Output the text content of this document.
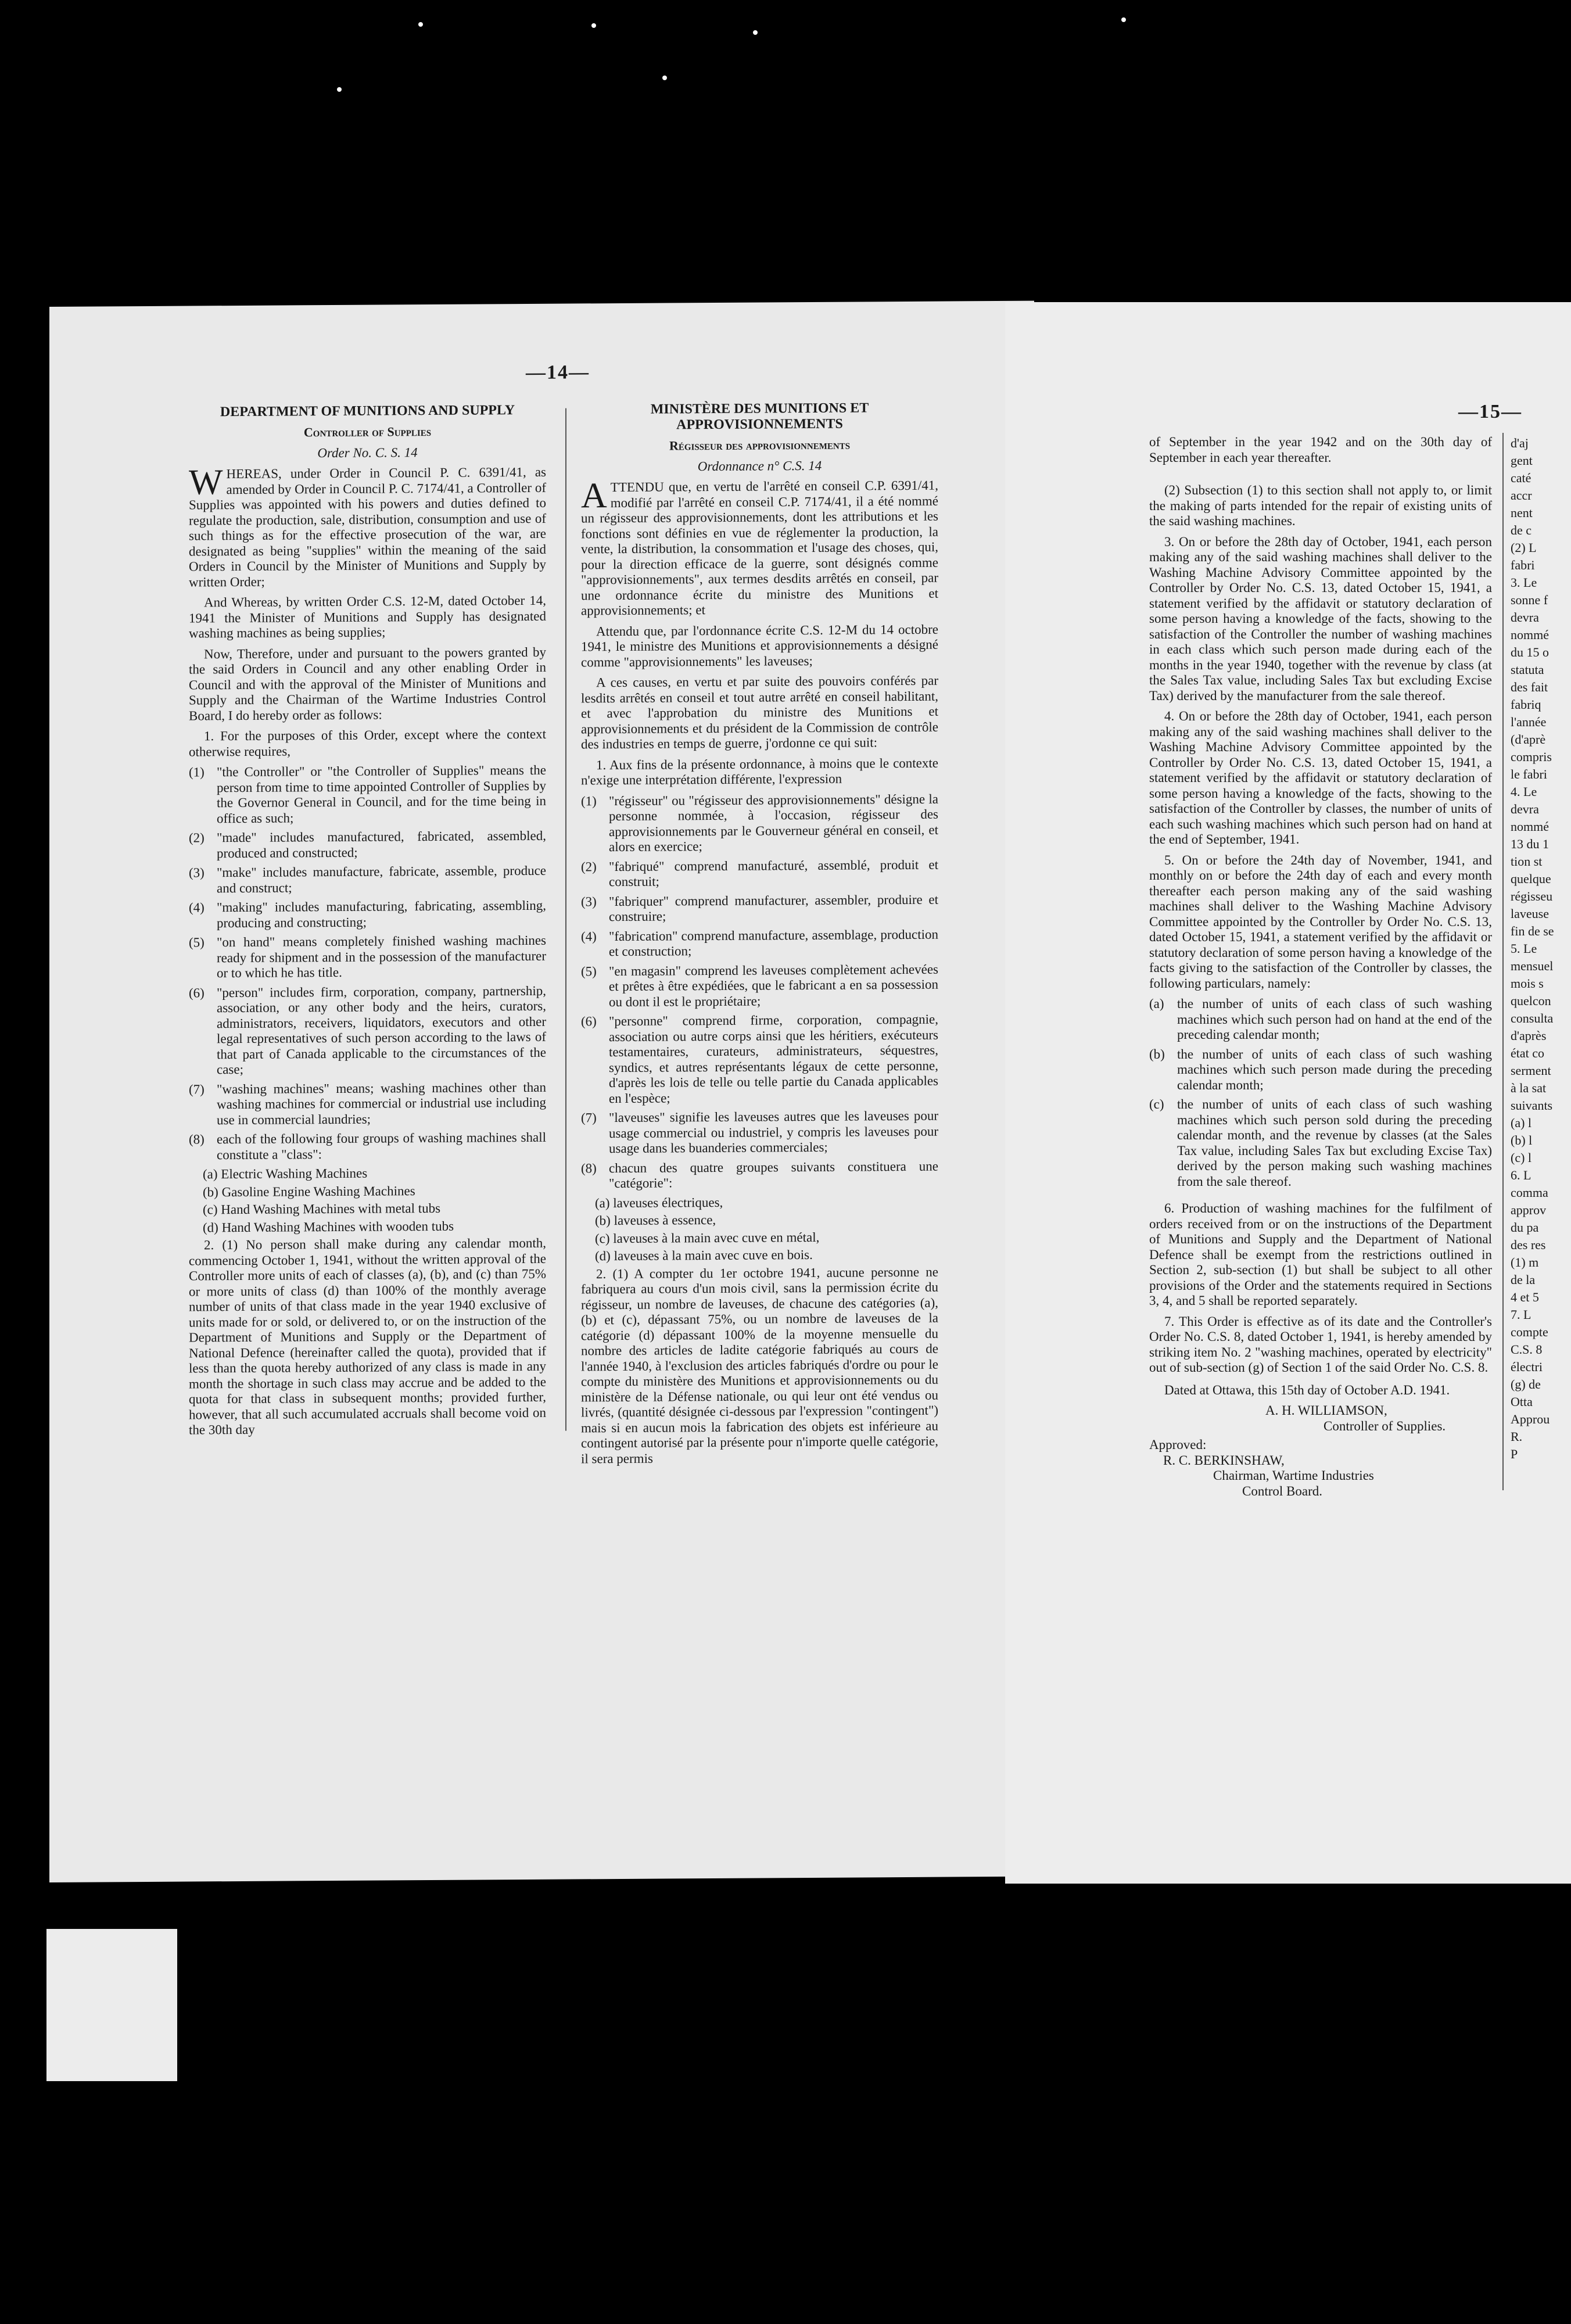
—14—

DEPARTMENT OF MUNITIONS AND SUPPLY

Controller of Supplies

Order No. C. S. 14

WHEREAS, under Order in Council P. C. 6391/41, as amended by Order in Council P. C. 7174/41, a Controller of Supplies was appointed with his powers and duties defined to regulate the production, sale, distribution, consumption and use of such things as for the effective prosecution of the war, are designated as being "supplies" within the meaning of the said Orders in Council by the Minister of Munitions and Supply by written Order;

And Whereas, by written Order C.S. 12-M, dated October 14, 1941 the Minister of Munitions and Supply has designated washing machines as being supplies;

Now, Therefore, under and pursuant to the powers granted by the said Orders in Council and any other enabling Order in Council and with the approval of the Minister of Munitions and Supply and the Chairman of the Wartime Industries Control Board, I do hereby order as follows:

1. For the purposes of this Order, except where the context otherwise requires,

(1) "the Controller" or "the Controller of Supplies" means the person from time to time appointed Controller of Supplies by the Governor General in Council, and for the time being in office as such;
(2) "made" includes manufactured, fabricated, assembled, produced and constructed;
(3) "make" includes manufacture, fabricate, assemble, produce and construct;
(4) "making" includes manufacturing, fabricating, assembling, producing and constructing;
(5) "on hand" means completely finished washing machines ready for shipment and in the possession of the manufacturer or to which he has title.
(6) "person" includes firm, corporation, company, partnership, association, or any other body and the heirs, curators, administrators, receivers, liquidators, executors and other legal representatives of such person according to the laws of that part of Canada applicable to the circumstances of the case;
(7) "washing machines" means; washing machines other than washing machines for commercial or industrial use including use in commercial laundries;
(8) each of the following four groups of washing machines shall constitute a "class":
(a) Electric Washing Machines
(b) Gasoline Engine Washing Machines
(c) Hand Washing Machines with metal tubs
(d) Hand Washing Machines with wooden tubs

2. (1) No person shall make during any calendar month, commencing October 1, 1941, without the written approval of the Controller more units of each of classes (a), (b), and (c) than 75% or more units of class (d) than 100% of the monthly average number of units of that class made in the year 1940 exclusive of units made for or sold, or delivered to, or on the instruction of the Department of Munitions and Supply or the Department of National Defence (hereinafter called the quota), provided that if less than the quota hereby authorized of any class is made in any month the shortage in such class may accrue and be added to the quota for that class in subsequent months; provided further, however, that all such accumulated accruals shall become void on the 30th day

MINISTÈRE DES MUNITIONS ET APPROVISIONNEMENTS

Régisseur des approvisionnements

Ordonnance n° C.S. 14

ATTENDU que, en vertu de l'arrêté en conseil C.P. 6391/41, modifié par l'arrêté en conseil C.P. 7174/41, il a été nommé un régisseur des approvisionnements, dont les attributions et les fonctions sont définies en vue de réglementer la production, la vente, la distribution, la consommation et l'usage des choses, qui, pour la direction efficace de la guerre, sont désignés comme "approvisionnements", aux termes desdits arrêtés en conseil, par une ordonnance écrite du ministre des Munitions et approvisionnements; et

Attendu que, par l'ordonnance écrite C.S. 12-M du 14 octobre 1941, le ministre des Munitions et approvisionnements a désigné comme "approvisionnements" les laveuses;

A ces causes, en vertu et par suite des pouvoirs conférés par lesdits arrêtés en conseil et tout autre arrêté en conseil habilitant, et avec l'approbation du ministre des Munitions et approvisionnements et du président de la Commission de contrôle des industries en temps de guerre, j'ordonne ce qui suit:

1. Aux fins de la présente ordonnance, à moins que le contexte n'exige une interprétation différente, l'expression

(1) "régisseur" ou "régisseur des approvisionnements" désigne la personne nommée, à l'occasion, régisseur des approvisionnements par le Gouverneur général en conseil, et alors en exercice;
(2) "fabriqué" comprend manufacturé, assemblé, produit et construit;
(3) "fabriquer" comprend manufacturer, assembler, produire et construire;
(4) "fabrication" comprend manufacture, assemblage, production et construction;
(5) "en magasin" comprend les laveuses complètement achevées et prêtes à être expédiées, que le fabricant a en sa possession ou dont il est le propriétaire;
(6) "personne" comprend firme, corporation, compagnie, association ou autre corps ainsi que les héritiers, exécuteurs testamentaires, curateurs, administrateurs, séquestres, syndics, et autres représentants légaux de cette personne, d'après les lois de telle ou telle partie du Canada applicables en l'espèce;
(7) "laveuses" signifie les laveuses autres que les laveuses pour usage commercial ou industriel, y compris les laveuses pour usage dans les buanderies commerciales;
(8) chacun des quatre groupes suivants constituera une "catégorie":
(a) laveuses électriques,
(b) laveuses à essence,
(c) laveuses à la main avec cuve en métal,
(d) laveuses à la main avec cuve en bois.

2. (1) A compter du 1er octobre 1941, aucune personne ne fabriquera au cours d'un mois civil, sans la permission écrite du régisseur, un nombre de laveuses, de chacune des catégories (a), (b) et (c), dépassant 75%, ou un nombre de laveuses de la catégorie (d) dépassant 100% de la moyenne mensuelle du nombre des articles de ladite catégorie fabriqués au cours de l'année 1940, à l'exclusion des articles fabriqués d'ordre ou pour le compte du ministère des Munitions et approvisionnements ou du ministère de la Défense nationale, ou qui leur ont été vendus ou livrés, (quantité désignée ci-dessous par l'expression "contingent") mais si en aucun mois la fabrication des objets est inférieure au contingent autorisé par la présente pour n'importe quelle catégorie, il sera permis

—15—

of September in the year 1942 and on the 30th day of September in each year thereafter.

(2) Subsection (1) to this section shall not apply to, or limit the making of parts intended for the repair of existing units of the said washing machines.

3. On or before the 28th day of October, 1941, each person making any of the said washing machines shall deliver to the Washing Machine Advisory Committee appointed by the Controller by Order No. C.S. 13, dated October 15, 1941, a statement verified by the affidavit or statutory declaration of some person having a knowledge of the facts, showing to the satisfaction of the Controller the number of washing machines in each class which such person made during each of the months in the year 1940, together with the revenue by class (at the Sales Tax value, including Sales Tax but excluding Excise Tax) derived by the manufacturer from the sale thereof.

4. On or before the 28th day of October, 1941, each person making any of the said washing machines shall deliver to the Washing Machine Advisory Committee appointed by the Controller by Order No. C.S. 13, dated October 15, 1941, a statement verified by the affidavit or statutory declaration of some person having a knowledge of the facts, showing to the satisfaction of the Controller by classes, the number of units of each such washing machines which such person had on hand at the end of September, 1941.

5. On or before the 24th day of November, 1941, and monthly on or before the 24th day of each and every month thereafter each person making any of the said washing machines shall deliver to the Washing Machine Advisory Committee appointed by the Controller by Order No. C.S. 13, dated October 15, 1941, a statement verified by the affidavit or statutory declaration of some person having a knowledge of the facts giving to the satisfaction of the Controller by classes, the following particulars, namely:

(a) the number of units of each class of such washing machines which such person had on hand at the end of the preceding calendar month;
(b) the number of units of each class of such washing machines which such person made during the preceding calendar month;
(c) the number of units of each class of such washing machines which such person sold during the preceding calendar month, and the revenue by classes (at the Sales Tax value, including Sales Tax but excluding Excise Tax) derived by the person making such washing machines from the sale thereof.

6. Production of washing machines for the fulfilment of orders received from or on the instructions of the Department of Munitions and Supply and the Department of National Defence shall be exempt from the restrictions outlined in Section 2, sub-section (1) but shall be subject to all other provisions of the Order and the statements required in Sections 3, 4, and 5 shall be reported separately.

7. This Order is effective as of its date and the Controller's Order No. C.S. 8, dated October 1, 1941, is hereby amended by striking item No. 2 "washing machines, operated by electricity" out of sub-section (g) of Section 1 of the said Order No. C.S. 8.

Dated at Ottawa, this 15th day of October A.D. 1941.

A. H. WILLIAMSON,

Controller of Supplies.

Approved:

R. C. BERKINSHAW,

Chairman, Wartime Industries

Control Board.

d'aj
gent
caté
accr
nent
de c
(2) L
fabri
3. Le
sonne f
devra
nommé
du 15 o
statuta
des fait
fabriq
l'année
(d'aprè
compris
le fabri
4. Le
devra
nommé
13 du 1
tion st
quelque
régisseu
laveuse
fin de se
5. Le
mensuel
mois s
quelcon
consulta
d'après
état co
serment
à la sat
suivants
(a) l
(b) l
(c) l
6. L
comma
approv
du pa
des res
(1) m
de la
4 et 5
7. L
compte
C.S. 8
électri
(g) de
Otta
Approu
R.
P
